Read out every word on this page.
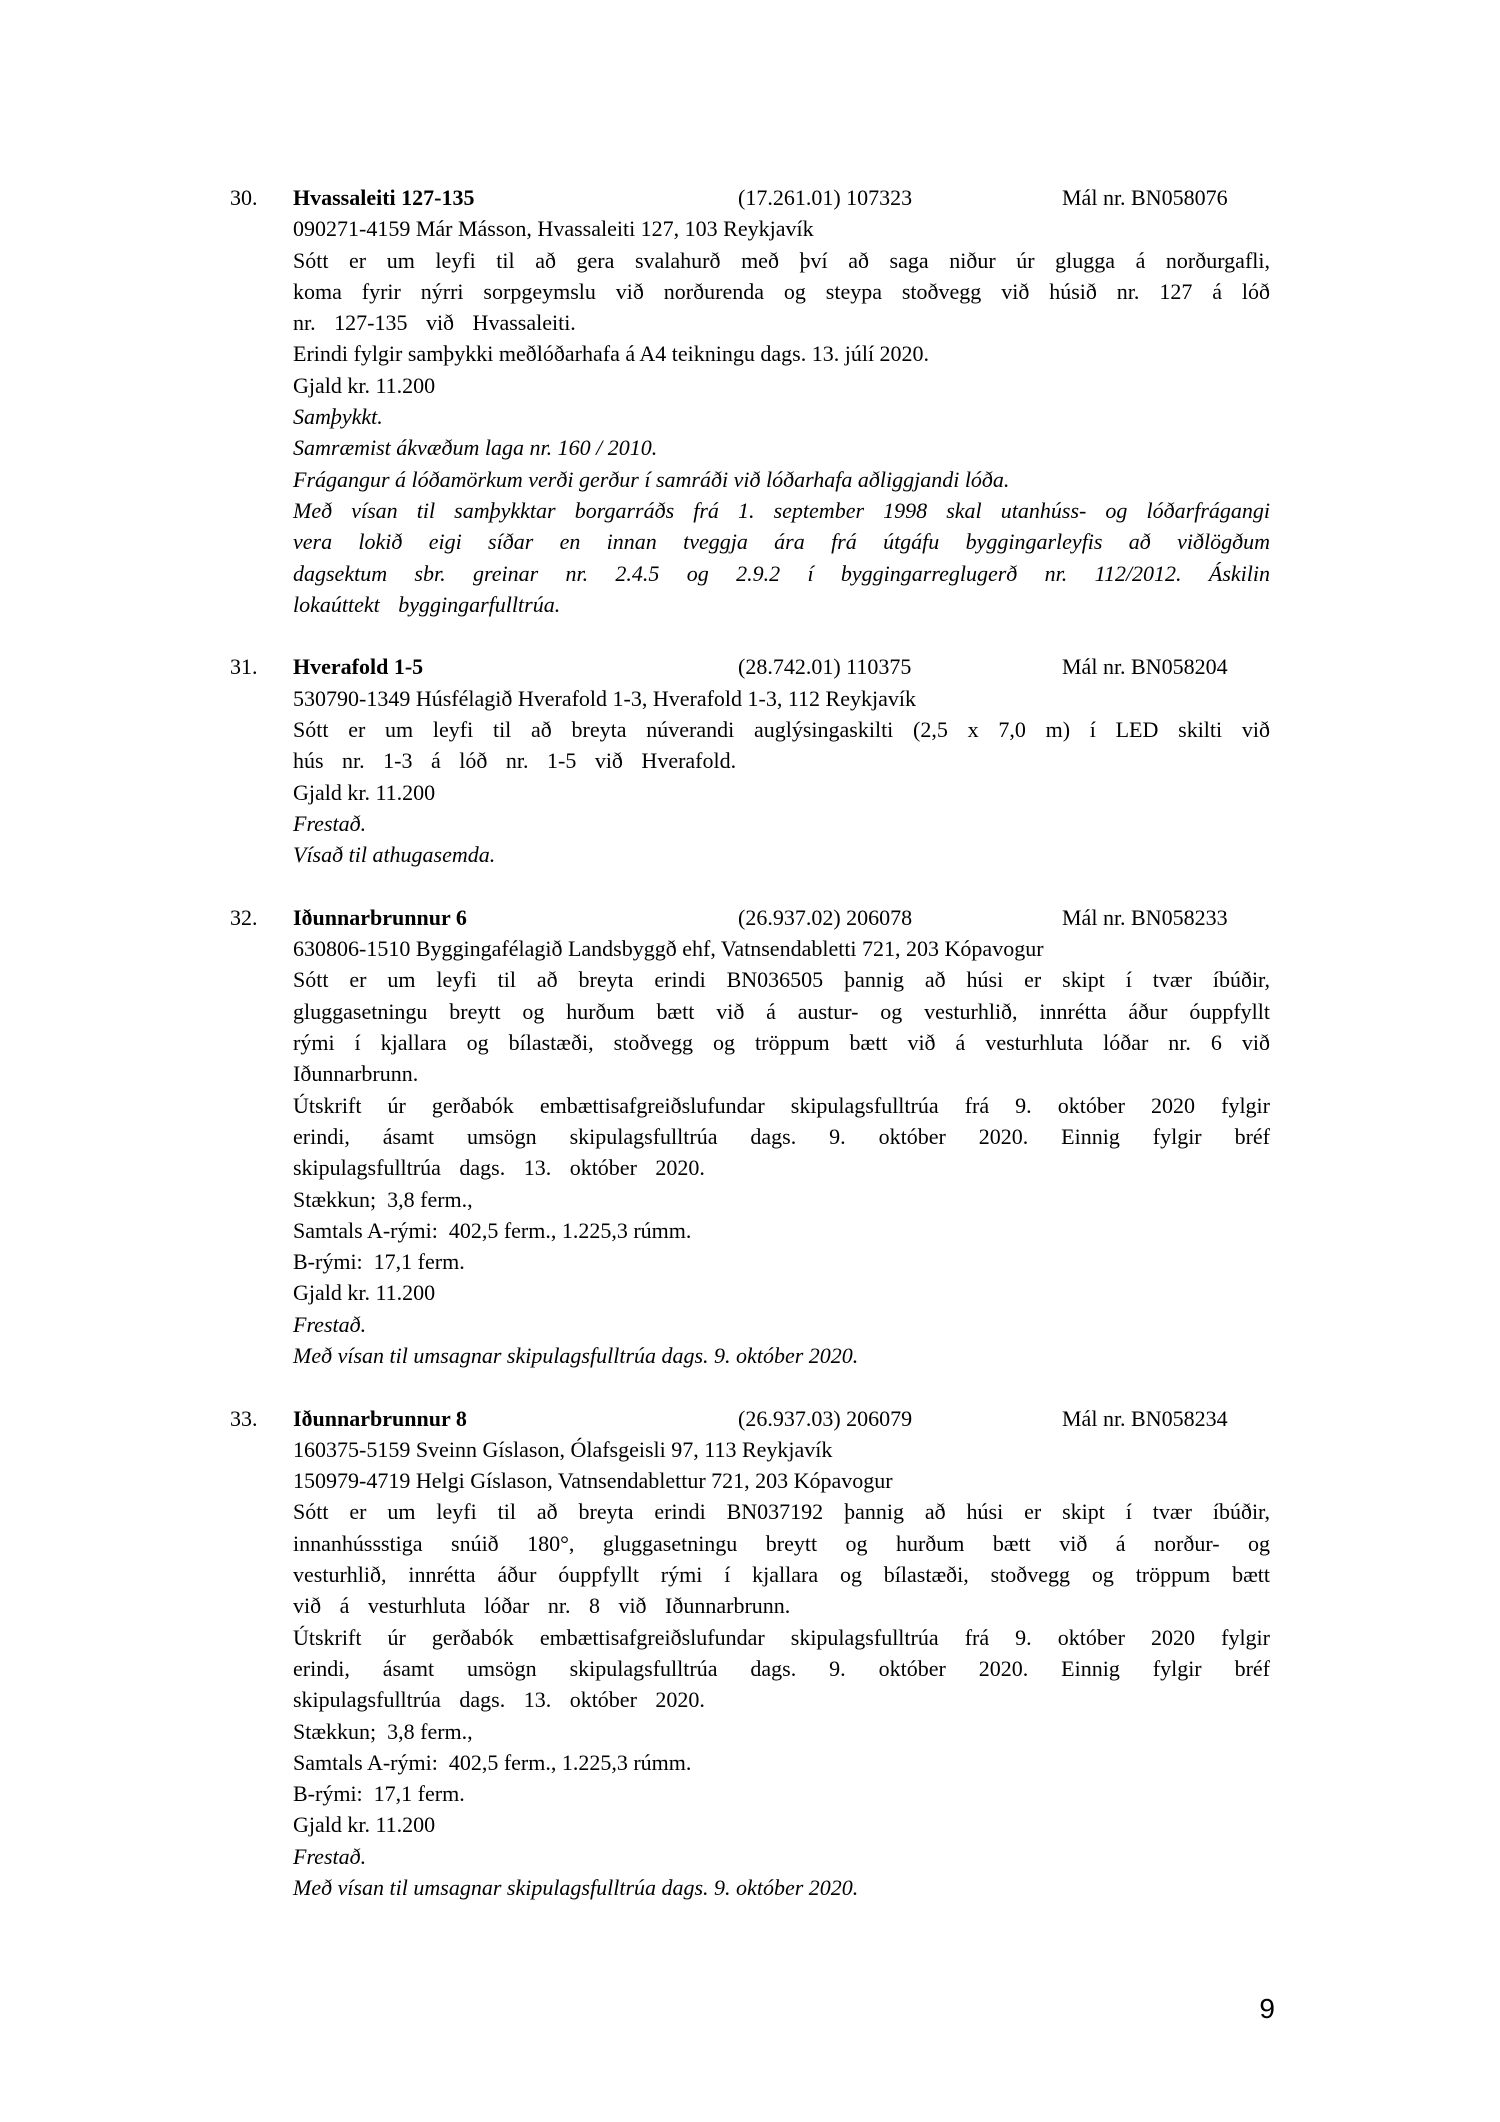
30.	Hvassaleiti 127-135	(17.261.01) 107323	Mál nr. BN058076

090271-4159 Már Másson, Hvassaleiti 127, 103 Reykjavík

Sótt er um leyfi til að gera svalahurð með því að saga niður úr glugga á norðurgafli, koma fyrir nýrri sorpgeymslu við norðurenda og steypa stoðvegg við húsið nr. 127 á lóð nr. 127-135 við Hvassaleiti.

Erindi fylgir samþykki meðlóðarhafa á A4 teikningu dags. 13. júlí 2020.

Gjald kr. 11.200

Samþykkt.

Samræmist ákvæðum laga nr. 160 / 2010.

Frágangur á lóðamörkum verði gerður í samráði við lóðarhafa aðliggjandi lóða.

Með vísan til samþykktar borgarráðs frá 1. september 1998 skal utanhúss- og lóðarfrágangi vera lokið eigi síðar en innan tveggja ára frá útgáfu byggingarleyfis að viðlögðum dagsektum sbr. greinar nr. 2.4.5 og 2.9.2 í byggingarreglugerð nr. 112/2012. Áskilin lokaúttekt byggingarfulltrúa.

31.	Hverafold 1-5	(28.742.01) 110375	Mál nr. BN058204

530790-1349 Húsfélagið Hverafold 1-3, Hverafold 1-3, 112 Reykjavík

Sótt er um leyfi til að breyta núverandi auglýsingaskilti (2,5 x 7,0 m) í LED skilti við hús nr. 1-3 á lóð nr. 1-5 við Hverafold.

Gjald kr. 11.200

Frestað.

Vísað til athugasemda.

32.	Iðunnarbrunnur 6	(26.937.02) 206078	Mál nr. BN058233

630806-1510 Byggingafélagið Landsbyggð ehf, Vatnsendabletti 721, 203 Kópavogur

Sótt er um leyfi til að breyta erindi BN036505 þannig að húsi er skipt í tvær íbúðir, gluggasetningu breytt og hurðum bætt við á austur- og vesturhlið, innrétta áður óuppfyllt rými í kjallara og bílastæði, stoðvegg og tröppum bætt við á vesturhluta lóðar nr. 6 við Iðunnarbrunn.

Útskrift úr gerðabók embættisafgreiðslufundar skipulagsfulltrúa frá 9. október 2020 fylgir erindi, ásamt umsögn skipulagsfulltrúa dags. 9. október 2020. Einnig fylgir bréf skipulagsfulltrúa dags. 13. október 2020.

Stækkun;  3,8 ferm.,

Samtals A-rými:  402,5 ferm., 1.225,3 rúmm.

B-rými:  17,1 ferm.

Gjald kr. 11.200

Frestað.

Með vísan til umsagnar skipulagsfulltrúa dags. 9. október 2020.

33.	Iðunnarbrunnur 8	(26.937.03) 206079	Mál nr. BN058234

160375-5159 Sveinn Gíslason, Ólafsgeisli 97, 113 Reykjavík

150979-4719 Helgi Gíslason, Vatnsendablettur 721, 203 Kópavogur

Sótt er um leyfi til að breyta erindi BN037192 þannig að húsi er skipt í tvær íbúðir, innanhússstiga snúið 180°, gluggasetningu breytt og hurðum bætt við á norður- og vesturhlið, innrétta áður óuppfyllt rými í kjallara og bílastæði, stoðvegg og tröppum bætt við á vesturhluta lóðar nr. 8 við Iðunnarbrunn.

Útskrift úr gerðabók embættisafgreiðslufundar skipulagsfulltrúa frá 9. október 2020 fylgir erindi, ásamt umsögn skipulagsfulltrúa dags. 9. október 2020. Einnig fylgir bréf skipulagsfulltrúa dags. 13. október 2020.

Stækkun;  3,8 ferm.,

Samtals A-rými:  402,5 ferm., 1.225,3 rúmm.

B-rými:  17,1 ferm.

Gjald kr. 11.200

Frestað.

Með vísan til umsagnar skipulagsfulltrúa dags. 9. október 2020.

9
